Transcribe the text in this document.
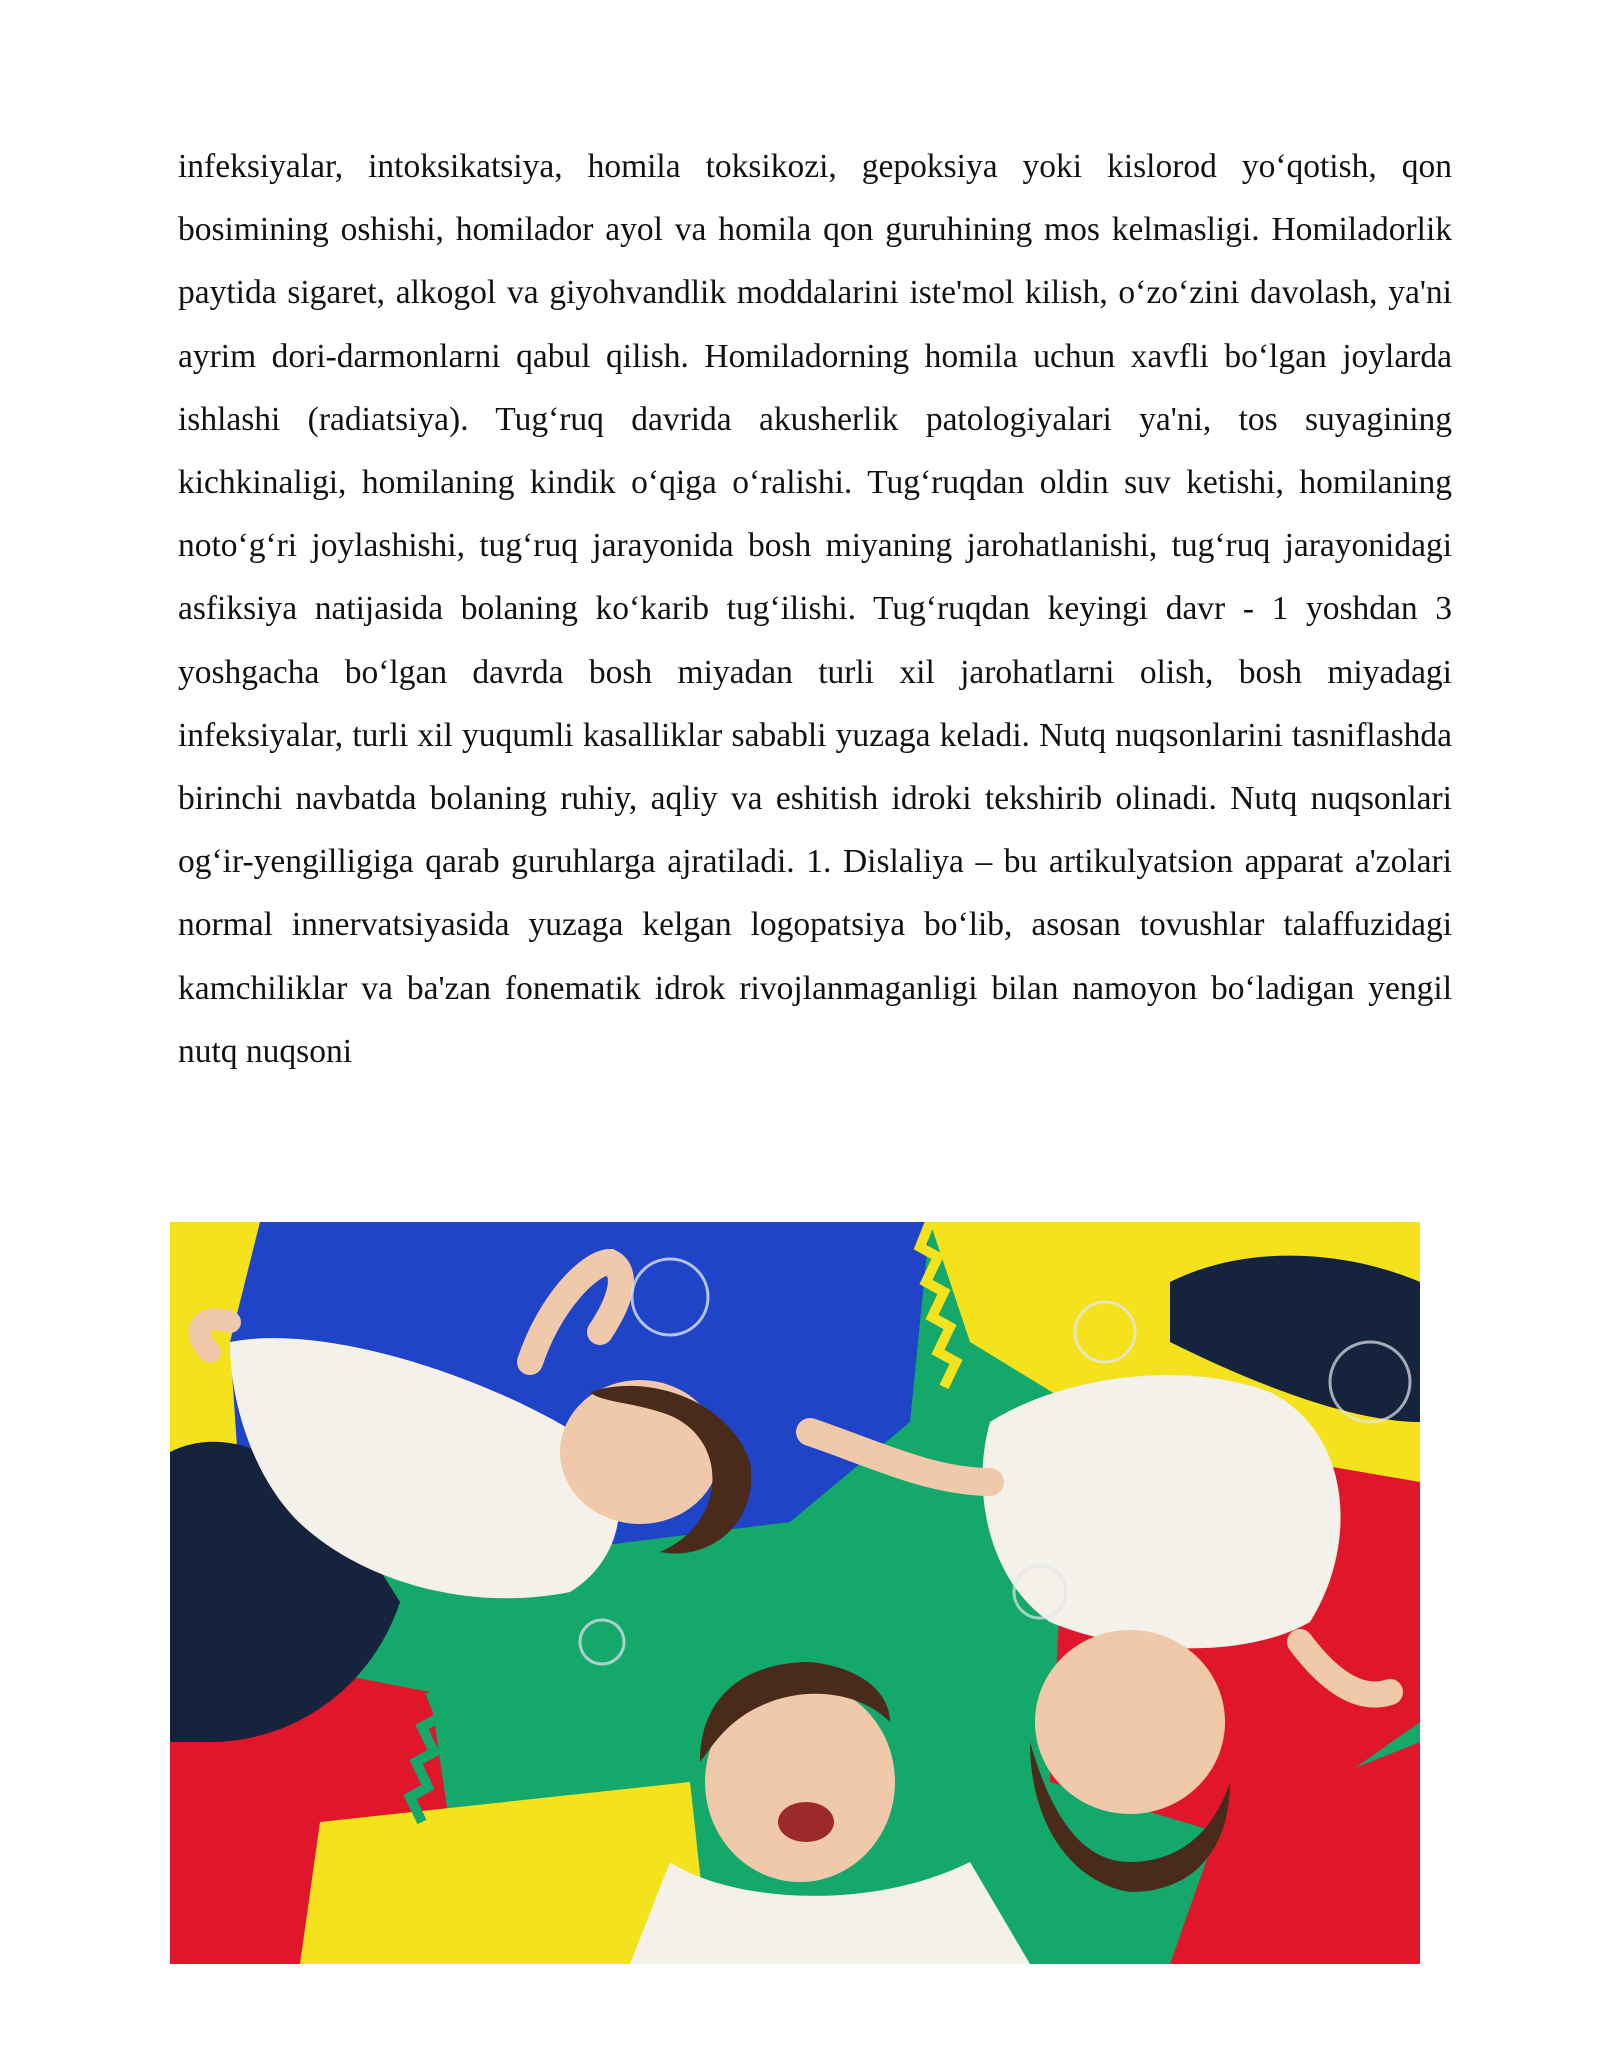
infeksiyalar, intoksikatsiya, homila toksikozi, gepoksiya yoki kislorod yo‘qotish, qon bosimining oshishi, homilador ayol va homila qon guruhining mos kelmasligi. Homiladorlik paytida sigaret, alkogol va giyohvandlik moddalarini iste'mol kilish, o‘zo‘zini davolash, ya'ni ayrim dori-darmonlarni qabul qilish. Homiladorning homila uchun xavfli bo‘lgan joylarda ishlashi (radiatsiya). Tug‘ruq davrida akusherlik patologiyalari ya'ni, tos suyagining kichkinaligi, homilaning kindik o‘qiga o‘ralishi. Tug‘ruqdan oldin suv ketishi, homilaning noto‘g‘ri joylashishi, tug‘ruq jarayonida bosh miyaning jarohatlanishi, tug‘ruq jarayonidagi asfiksiya natijasida bolaning ko‘karib tug‘ilishi. Tug‘ruqdan keyingi davr - 1 yoshdan 3 yoshgacha bo‘lgan davrda bosh miyadan turli xil jarohatlarni olish, bosh miyadagi infeksiyalar, turli xil yuqumli kasalliklar sababli yuzaga keladi. Nutq nuqsonlarini tasniflashda birinchi navbatda bolaning ruhiy, aqliy va eshitish idroki tekshirib olinadi. Nutq nuqsonlari og‘ir-yengilligiga qarab guruhlarga ajratiladi. 1. Dislaliya – bu artikulyatsion apparat a'zolari normal innervatsiyasida yuzaga kelgan logopatsiya bo‘lib, asosan tovushlar talaffuzidagi kamchiliklar va ba'zan fonematik idrok rivojlanmaganligi bilan namoyon bo‘ladigan yengil nutq nuqsoni
